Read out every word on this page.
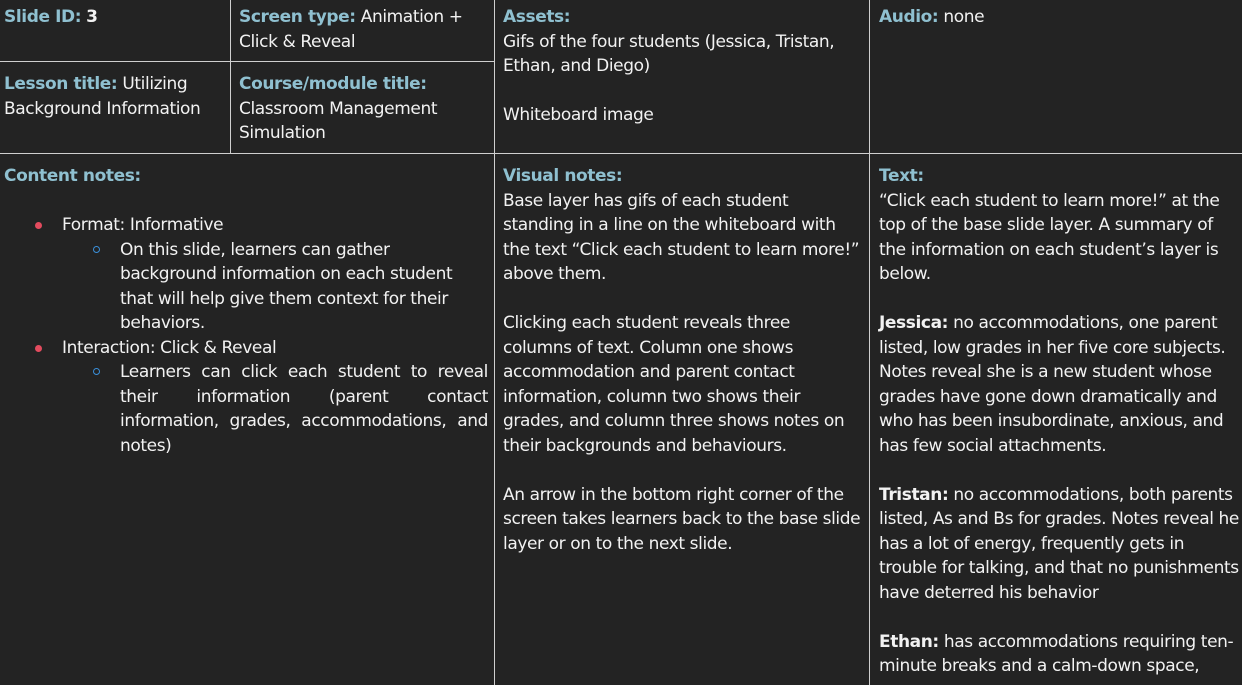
Slide ID: 3	Screen type: Animation + Click & Reveal
Lesson title: Utilizing Background Information
Course/module title:
Classroom Management Simulation
Assets:

Gifs of the four students (Jessica, Tristan, Ethan, and Diego)

Whiteboard image

Audio: none
Content notes:
Format: Informative
On this slide, learners can gather background information on each student that will help give them context for their behaviors.
Interaction: Click & Reveal
Learners can click each student to reveal their information (parent contact information, grades, accommodations, and notes)
Visual notes:

Base layer has gifs of each student standing in a line on the whiteboard with the text “Click each student to learn more!” above them.

Clicking each student reveals three columns of text. Column one shows accommodation and parent contact information, column two shows their grades, and column three shows notes on their backgrounds and behaviours.

An arrow in the bottom right corner of the screen takes learners back to the base slide layer or on to the next slide.

Text:

“Click each student to learn more!” at the top of the base slide layer. A summary of the information on each student’s layer is below.

Jessica: no accommodations, one parent listed, low grades in her five core subjects. Notes reveal she is a new student whose grades have gone down dramatically and who has been insubordinate, anxious, and has few social attachments.

Tristan: no accommodations, both parents listed, As and Bs for grades. Notes reveal he has a lot of energy, frequently gets in trouble for talking, and that no punishments have deterred his behavior

Ethan: has accommodations requiring ten-minute breaks and a calm-down space,
